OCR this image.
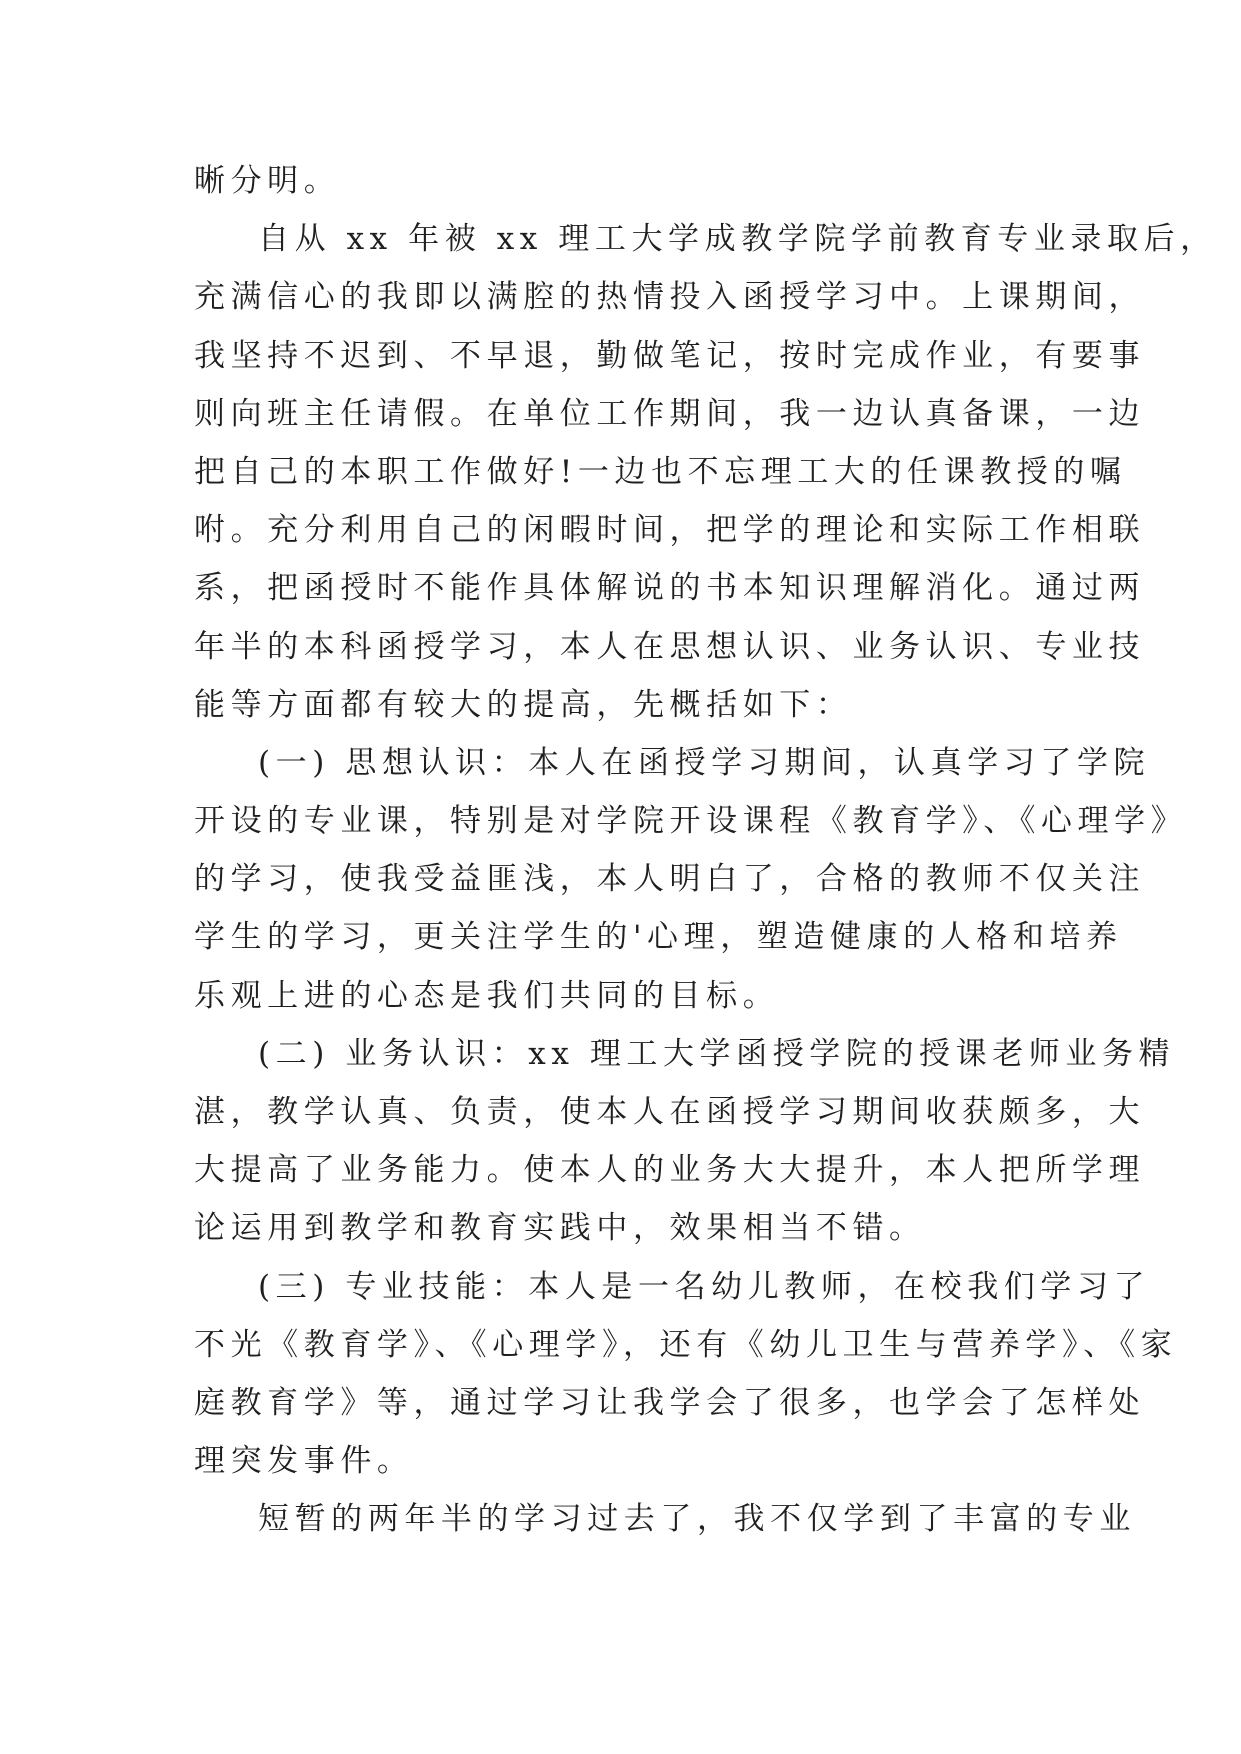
晰分明。
自从 xx 年被 xx 理工大学成教学院学前教育专业录取后，
充满信心的我即以满腔的热情投入函授学习中。上课期间，
我坚持不迟到、不早退，勤做笔记，按时完成作业，有要事
则向班主任请假。在单位工作期间，我一边认真备课，一边
把自己的本职工作做好!一边也不忘理工大的任课教授的嘱
咐。充分利用自己的闲暇时间，把学的理论和实际工作相联
系，把函授时不能作具体解说的书本知识理解消化。通过两
年半的本科函授学习，本人在思想认识、业务认识、专业技
能等方面都有较大的提高，先概括如下：
(一) 思想认识：本人在函授学习期间，认真学习了学院
开设的专业课，特别是对学院开设课程《教育学》、《心理学》
的学习，使我受益匪浅，本人明白了，合格的教师不仅关注
学生的学习，更关注学生的'心理，塑造健康的人格和培养
乐观上进的心态是我们共同的目标。
(二) 业务认识：xx 理工大学函授学院的授课老师业务精
湛，教学认真、负责，使本人在函授学习期间收获颇多，大
大提高了业务能力。使本人的业务大大提升，本人把所学理
论运用到教学和教育实践中，效果相当不错。
(三) 专业技能：本人是一名幼儿教师，在校我们学习了
不光《教育学》、《心理学》，还有《幼儿卫生与营养学》、《家
庭教育学》等，通过学习让我学会了很多，也学会了怎样处
理突发事件。
短暂的两年半的学习过去了，我不仅学到了丰富的专业
